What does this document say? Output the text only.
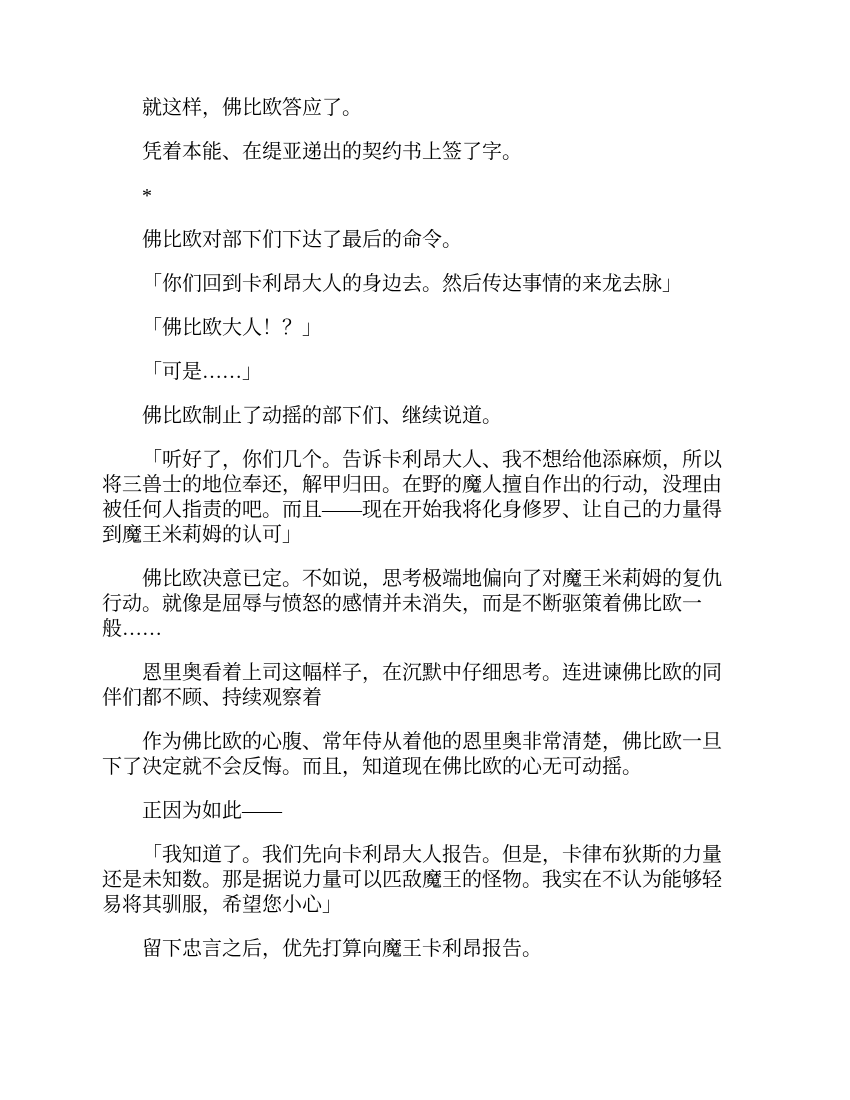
就这样，佛比欧答应了。

凭着本能、在缇亚递出的契约书上签了字。

*

佛比欧对部下们下达了最后的命令。

「你们回到卡利昂大人的身边去。然后传达事情的来龙去脉」

「佛比欧大人！？」

「可是……」

佛比欧制止了动摇的部下们、继续说道。

「听好了，你们几个。告诉卡利昂大人、我不想给他添麻烦，所以将三兽士的地位奉还，解甲归田。在野的魔人擅自作出的行动，没理由被任何人指责的吧。而且——现在开始我将化身修罗、让自己的力量得到魔王米莉姆的认可」

佛比欧决意已定。不如说，思考极端地偏向了对魔王米莉姆的复仇行动。就像是屈辱与愤怒的感情并未消失，而是不断驱策着佛比欧一般……

恩里奥看着上司这幅样子，在沉默中仔细思考。连进谏佛比欧的同伴们都不顾、持续观察着

作为佛比欧的心腹、常年侍从着他的恩里奥非常清楚，佛比欧一旦下了决定就不会反悔。而且，知道现在佛比欧的心无可动摇。

正因为如此——

「我知道了。我们先向卡利昂大人报告。但是，卡律布狄斯的力量还是未知数。那是据说力量可以匹敌魔王的怪物。我实在不认为能够轻易将其驯服，希望您小心」

留下忠言之后，优先打算向魔王卡利昂报告。
